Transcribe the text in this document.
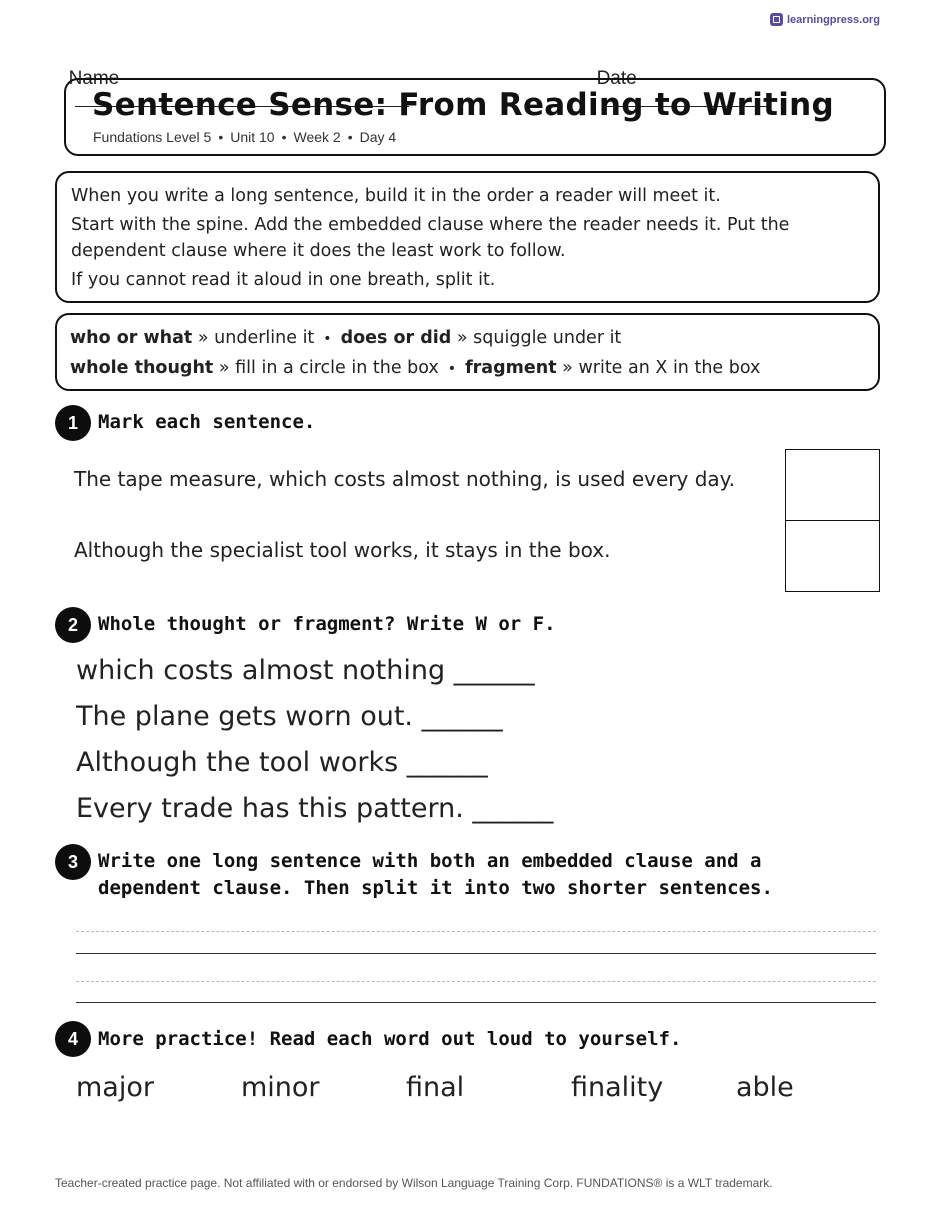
learningpress.org

Name
	Date

Sentence Sense: From Reading to Writing
Fundations Level 5 • Unit 10 • Week 2 • Day 4

When you write a long sentence, build it in the order a reader will meet it.

Start with the spine. Add the embedded clause where the reader needs it. Put the dependent clause where it does the least work to follow.

If you cannot read it aloud in one breath, split it.

who or what » underline it • does or did » squiggle under it
whole thought » fill in a circle in the box • fragment » write an X in the box
1	Mark each sentence.
The tape measure, which costs almost nothing, is used every day.
Although the specialist tool works, it stays in the box.
2	Whole thought or fragment? Write W or F.
which costs almost nothing ______
The plane gets worn out. ______
Although the tool works ______
Every trade has this pattern. ______
3	Write one long sentence with both an embedded clause and a dependent clause. Then split it into two shorter sentences.
4	More practice! Read each word out loud to yourself.
major	minor	final	finality	able
Teacher-created practice page. Not affiliated with or endorsed by Wilson Language Training Corp. FUNDATIONS® is a WLT trademark.
